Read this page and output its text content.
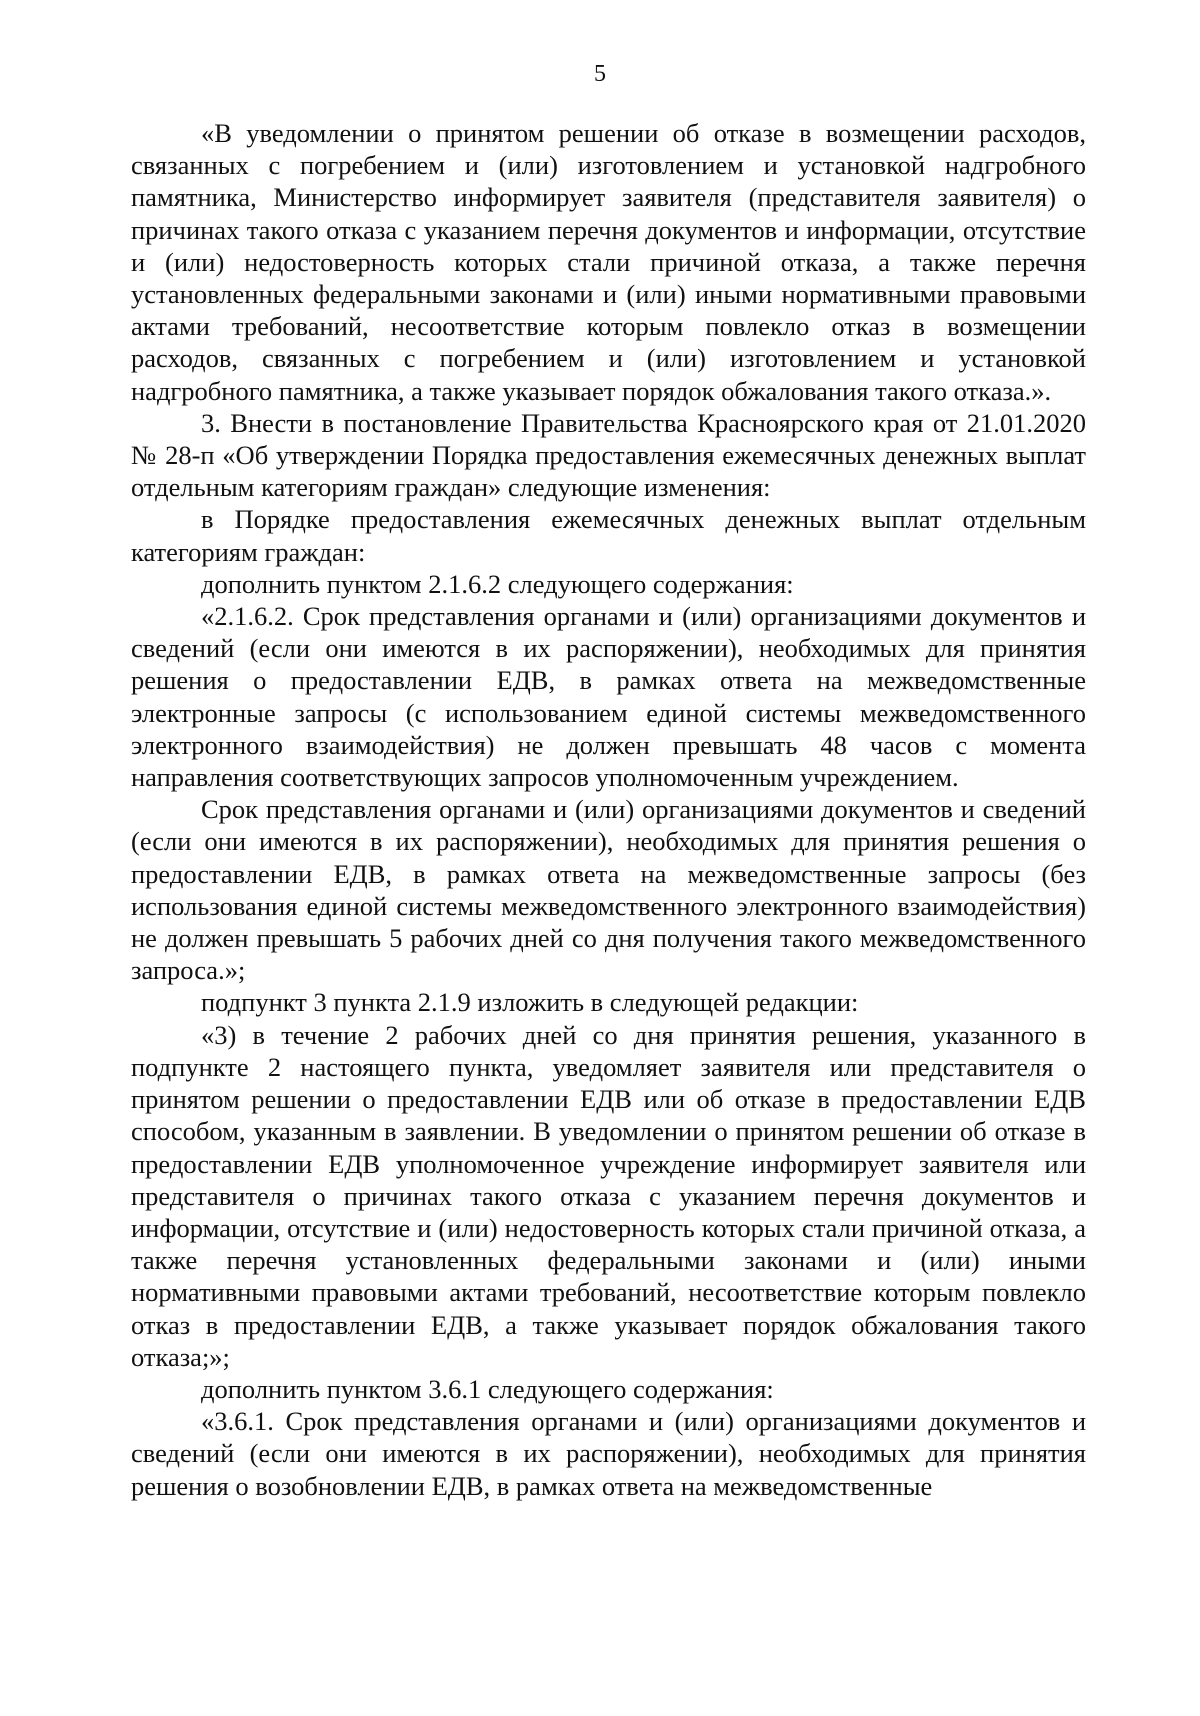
5

«В уведомлении о принятом решении об отказе в возмещении расходов, связанных с погребением и (или) изготовлением и установкой надгробного памятника, Министерство информирует заявителя (представителя заявителя) о причинах такого отказа с указанием перечня документов и информации, отсутствие и (или) недостоверность которых стали причиной отказа, а также перечня установленных федеральными законами и (или) иными нормативными правовыми актами требований, несоответствие которым повлекло отказ в возмещении расходов, связанных с погребением и (или) изготовлением и установкой надгробного памятника, а также указывает порядок обжалования такого отказа.».

3. Внести в постановление Правительства Красноярского края от 21.01.2020 № 28-п «Об утверждении Порядка предоставления ежемесячных денежных выплат отдельным категориям граждан» следующие изменения:

в Порядке предоставления ежемесячных денежных выплат отдельным категориям граждан:

дополнить пунктом 2.1.6.2 следующего содержания:

«2.1.6.2. Срок представления органами и (или) организациями документов и сведений (если они имеются в их распоряжении), необходимых для принятия решения о предоставлении ЕДВ, в рамках ответа на межведомственные электронные запросы (с использованием единой системы межведомственного электронного взаимодействия) не должен превышать 48 часов с момента направления соответствующих запросов уполномоченным учреждением.

Срок представления органами и (или) организациями документов и сведений (если они имеются в их распоряжении), необходимых для принятия решения о предоставлении ЕДВ, в рамках ответа на межведомственные запросы (без использования единой системы межведомственного электронного взаимодействия) не должен превышать 5 рабочих дней со дня получения такого межведомственного запроса.»;

подпункт 3 пункта 2.1.9 изложить в следующей редакции:

«3) в течение 2 рабочих дней со дня принятия решения, указанного в подпункте 2 настоящего пункта, уведомляет заявителя или представителя о принятом решении о предоставлении ЕДВ или об отказе в предоставлении ЕДВ способом, указанным в заявлении. В уведомлении о принятом решении об отказе в предоставлении ЕДВ уполномоченное учреждение информирует заявителя или представителя о причинах такого отказа с указанием перечня документов и информации, отсутствие и (или) недостоверность которых стали причиной отказа, а также перечня установленных федеральными законами и (или) иными нормативными правовыми актами требований, несоответствие которым повлекло отказ в предоставлении ЕДВ, а также указывает порядок обжалования такого отказа;»;

дополнить пунктом 3.6.1 следующего содержания:

«3.6.1. Срок представления органами и (или) организациями документов и сведений (если они имеются в их распоряжении), необходимых для принятия решения о возобновлении ЕДВ, в рамках ответа на межведомственные
